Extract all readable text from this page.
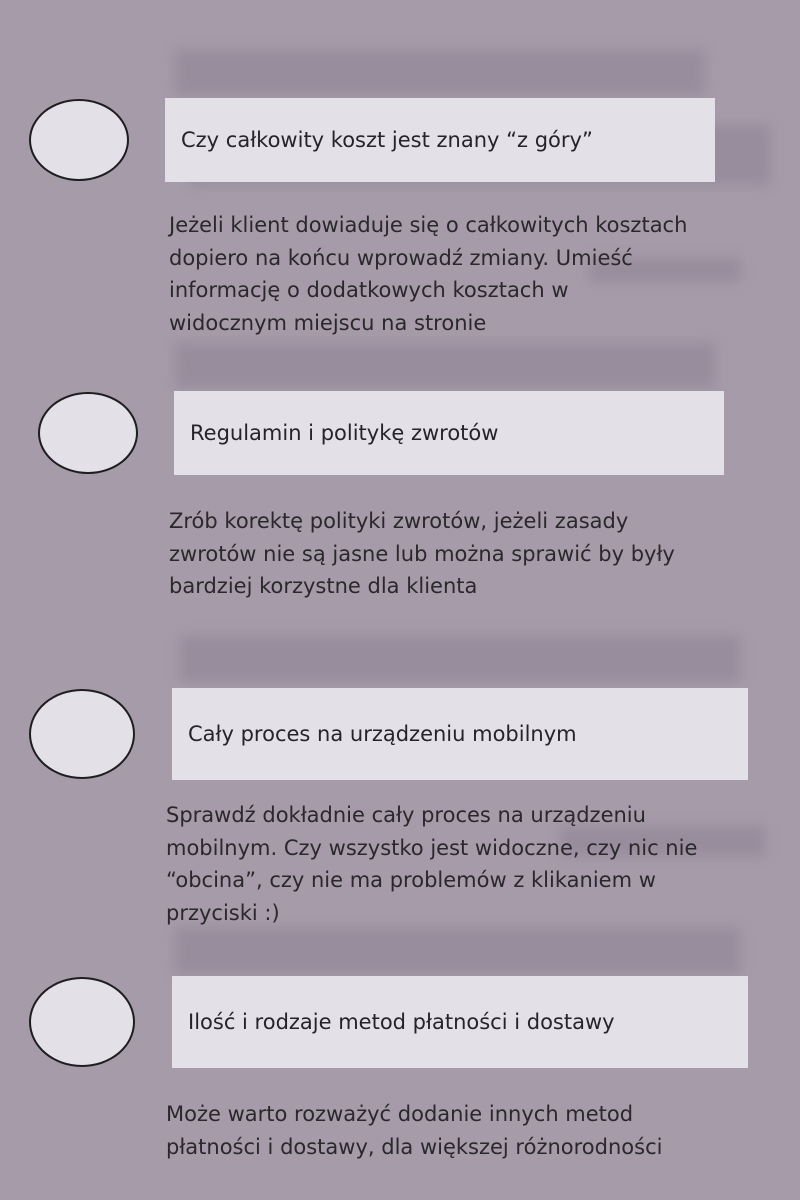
Czy całkowity koszt jest znany “z góry”
Jeżeli klient dowiaduje się o całkowitych kosztach
dopiero na końcu wprowadź zmiany. Umieść
informację o dodatkowych kosztach w
widocznym miejscu na stronie
Regulamin i politykę zwrotów
Zrób korektę polityki zwrotów, jeżeli zasady
zwrotów nie są jasne lub można sprawić by były
bardziej korzystne dla klienta
Cały proces na urządzeniu mobilnym
Sprawdź dokładnie cały proces na urządzeniu
mobilnym. Czy wszystko jest widoczne, czy nic nie
“obcina”, czy nie ma problemów z klikaniem w
przyciski :)
Ilość i rodzaje metod płatności i dostawy
Może warto rozważyć dodanie innych metod
płatności i dostawy, dla większej różnorodności
